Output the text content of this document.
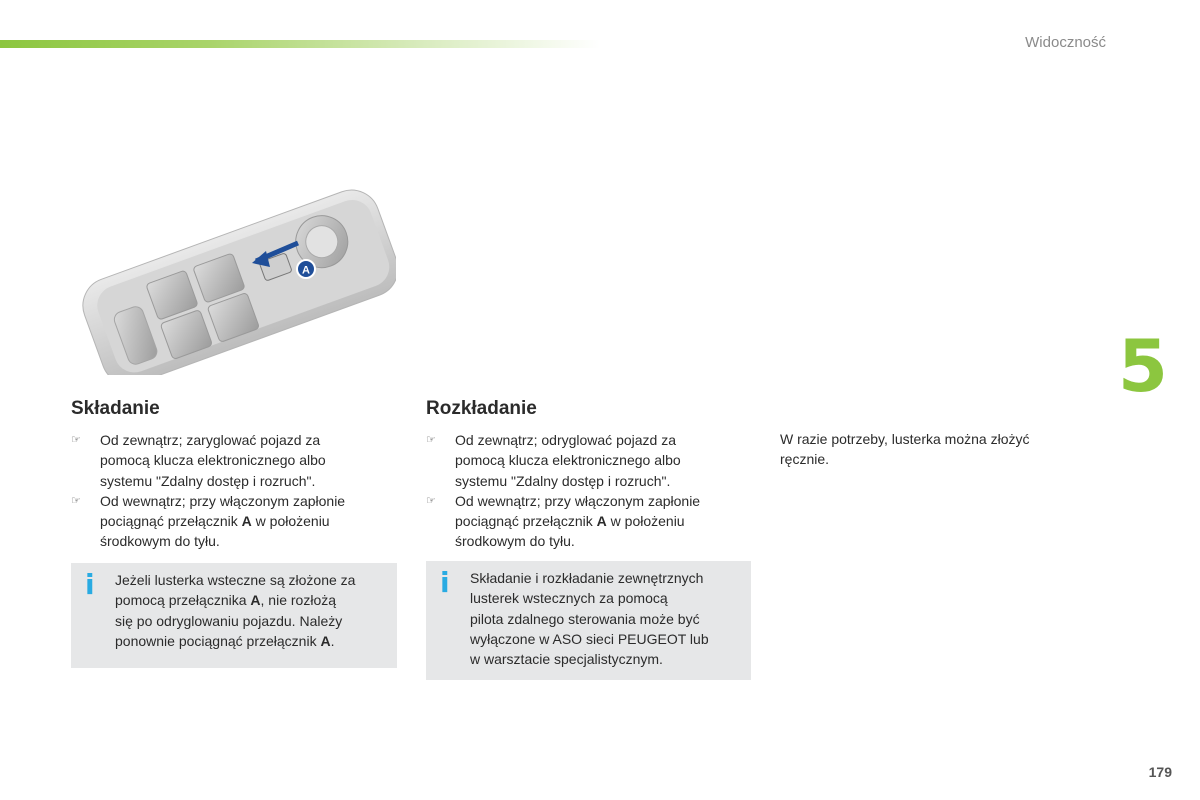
Widoczność
5
179
A
Składanie
☞ Od zewnątrz; zaryglować pojazd za
pomocą klucza elektronicznego albo
systemu "Zdalny dostęp i rozruch".
☞ Od wewnątrz; przy włączonym zapłonie
pociągnąć przełącznik A w położeniu
środkowym do tyłu.
i Jeżeli lusterka wsteczne są złożone za
pomocą przełącznika A, nie rozłożą
się po odryglowaniu pojazdu. Należy
ponownie pociągnąć przełącznik A.
Rozkładanie
☞ Od zewnątrz; odryglować pojazd za
pomocą klucza elektronicznego albo
systemu "Zdalny dostęp i rozruch".
☞ Od wewnątrz; przy włączonym zapłonie
pociągnąć przełącznik A w położeniu
środkowym do tyłu.
i Składanie i rozkładanie zewnętrznych
lusterek wstecznych za pomocą
pilota zdalnego sterowania może być
wyłączone w ASO sieci PEUGEOT lub
w warsztacie specjalistycznym.
W razie potrzeby, lusterka można złożyć
ręcznie.
